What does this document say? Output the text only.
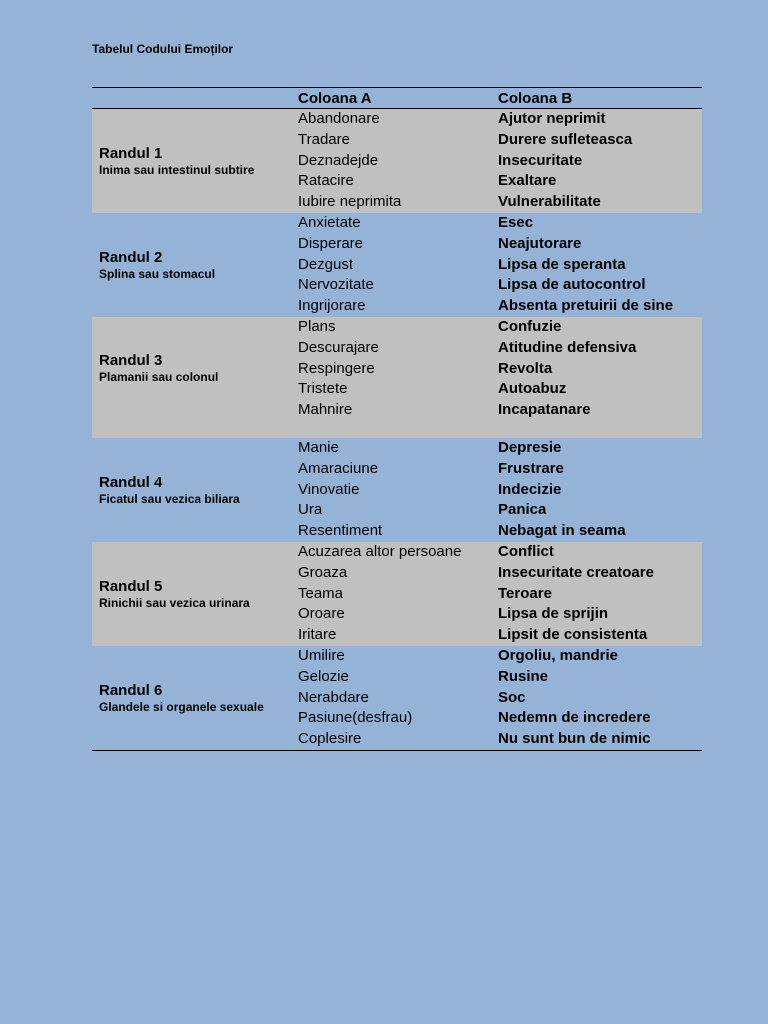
Tabelul Codului Emoților
Coloana A	Coloana B
Randul 1
Inima sau intestinul subtire
Abandonare
Tradare
Deznadejde
Ratacire
Iubire neprimita
Ajutor neprimit
Durere sufleteasca
Insecuritate
Exaltare
Vulnerabilitate
Randul 2
Splina sau stomacul
Anxietate
Disperare
Dezgust
Nervozitate
Ingrijorare
Esec
Neajutorare
Lipsa de speranta
Lipsa de autocontrol
Absenta pretuirii de sine
Randul 3
Plamanii sau colonul
Plans
Descurajare
Respingere
Tristete
Mahnire
Confuzie
Atitudine defensiva
Revolta
Autoabuz
Incapatanare
Randul 4
Ficatul sau vezica biliara
Manie
Amaraciune
Vinovatie
Ura
Resentiment
Depresie
Frustrare
Indecizie
Panica
Nebagat in seama
Randul 5
Rinichii sau vezica urinara
Acuzarea altor persoane
Groaza
Teama
Oroare
Iritare
Conflict
Insecuritate creatoare
Teroare
Lipsa de sprijin
Lipsit de consistenta
Randul 6
Glandele si organele sexuale
Umilire
Gelozie
Nerabdare
Pasiune(desfrau)
Coplesire
Orgoliu, mandrie
Rusine
Soc
Nedemn de incredere
Nu sunt bun de nimic
